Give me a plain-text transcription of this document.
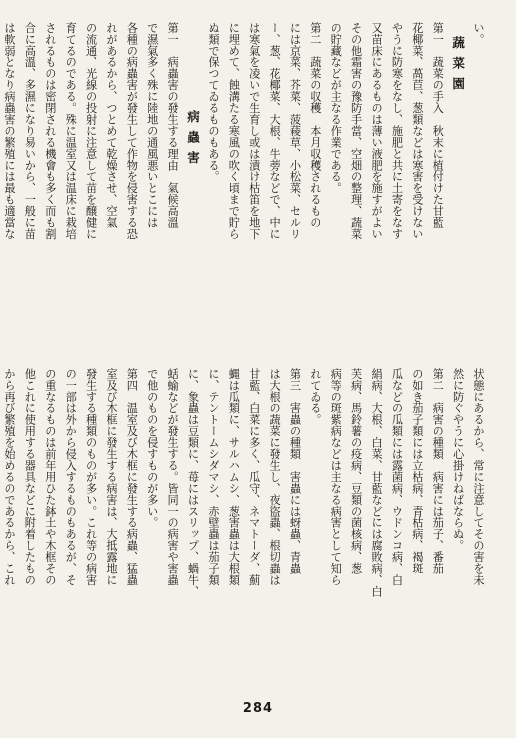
い。
蔬菜園
第一　蔬菜の手入　秋末に植付けた甘藍
花椰菜、萵苣、葱類などは寒害を受けない
やうに防寒をなし、施肥と共に土寄をなす
又苗床にあるものは薄い液肥を施すがよい
その他霜害の豫防手當、空畑の整理、蔬菜
の貯藏などが主なる作業である。
第二　蔬菜の収穫　本月収穫されるもの
には京菜、芥菜、菠薐草、小松菜、セルリ
ー、葱、花椰菜、大根、牛蒡などで、中に
は寒氣を凌いで生育し或は漬け枯笛を地下
に埋めて、蝕溝たる寒風の吹く頃まで貯ら
ぬ類で保つてゐるものもある。
病蟲害
第一　病蟲害の發生する理由　氣候高溫
で濕氣多く殊に陸地の通風悪いとこには
各種の病蟲害が發生して作物を侵害する恐
れがあるから、つとめて乾燥させ、空氣
の流通、光線の投射に注意して苗を醸健に
育てるのである。殊に温室又は温床に栽培
されるものは密閉される機會も多く而も割
合に高溫、多濕になり易いから、一般に苗
は軟弱となり病蟲害の繁殖には最も適當な
状態にあるから、常に注意してその害を未
然に防ぐやうに心掛けねばならぬ。
第二　病害の種類　病害には茄子、番茄
の如き茄子類には立枯病、青枯病、褐斑
瓜などの瓜類には露菌病、ウドンコ病、白
絹病、大根、白菜、甘藍などには腐敗病、白
芙病、馬鈴薯の疫病、豆類の菌核病、葱
病等の斑紫病などは主なる病害として知ら
れてゐる。
第三　害蟲の種類　害蟲には蚜蟲、青蟲
は大根の蔬菜に發生し、夜盜蟲、根切蟲は
甘藍、白菜に多く、瓜守、ネマトーダ、薊
蝿は瓜類に、サルハムシ、葱害蟲は大根類
に、テントームシダマシ、赤壁蟲は茄子類
に、象蟲は豆類に、苺にはスリップ、蝸牛、
蛞蝓などが發生する。皆同一の病害や害蟲
で他のものを侵すものが多い。
第四　温室及び木框に發生する病蟲、猛蟲
室及び木框に發生する病害は、大抵露地に
發生する種類のものが多い。これ等の病害
の一部は外から侵入するものもあるが、そ
の重なるものは前年用ひた鉢土や木框その
他これに使用する器具などに附着したもの
から再び繁殖を始めるのであるから、これ
284
